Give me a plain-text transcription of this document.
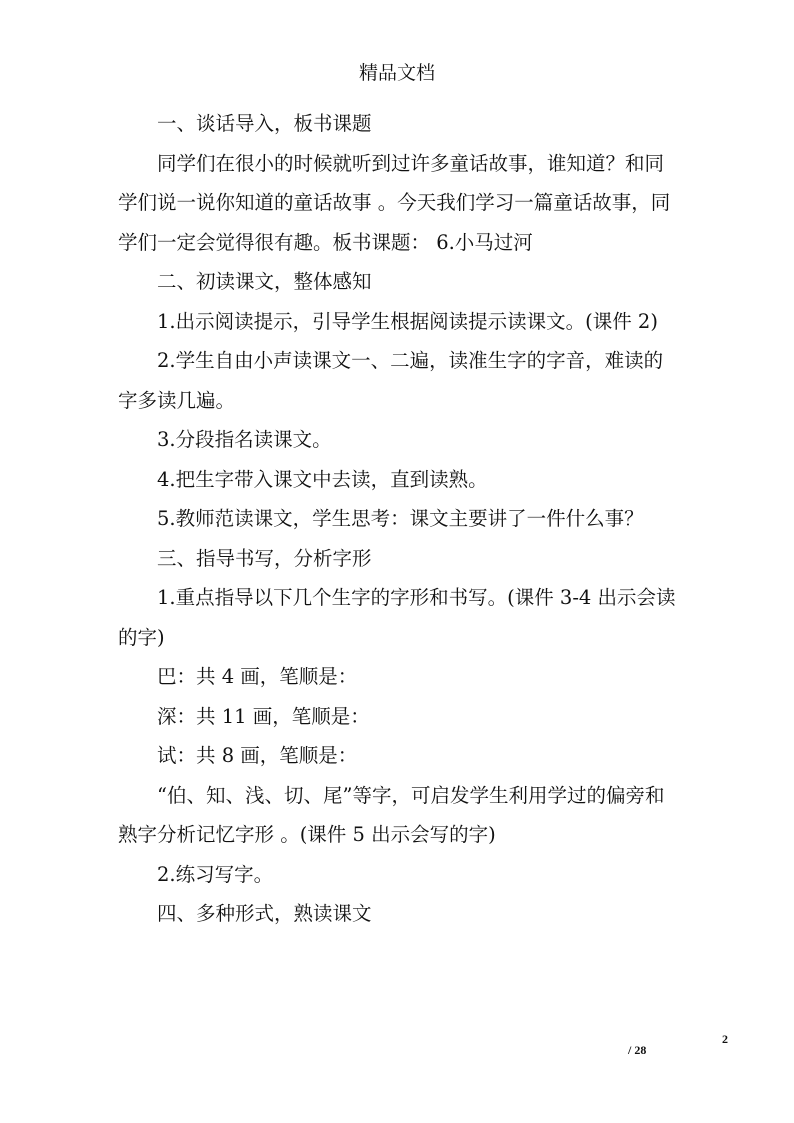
精品文档

一、谈话导入，板书课题

同学们在很小的时候就听到过许多童话故事，谁知道？和同学们说一说你知道的童话故事 。今天我们学习一篇童话故事，同学们一定会觉得很有趣。板书课题： 6.小马过河

二、初读课文，整体感知

1.出示阅读提示，引导学生根据阅读提示读课文。(课件 2)

2.学生自由小声读课文一、二遍，读准生字的字音，难读的字多读几遍。

3.分段指名读课文。

4.把生字带入课文中去读，直到读熟。

5.教师范读课文，学生思考：课文主要讲了一件什么事？

三、指导书写，分析字形

1.重点指导以下几个生字的字形和书写。(课件 3-4 出示会读的字)

巴：共 4 画，笔顺是：

深：共 11 画，笔顺是：

试：共 8 画，笔顺是：

“伯、知、浅、切、尾”等字，可启发学生利用学过的偏旁和熟字分析记忆字形 。(课件 5 出示会写的字)

2.练习写字。

四、多种形式，熟读课文

2
/ 28
